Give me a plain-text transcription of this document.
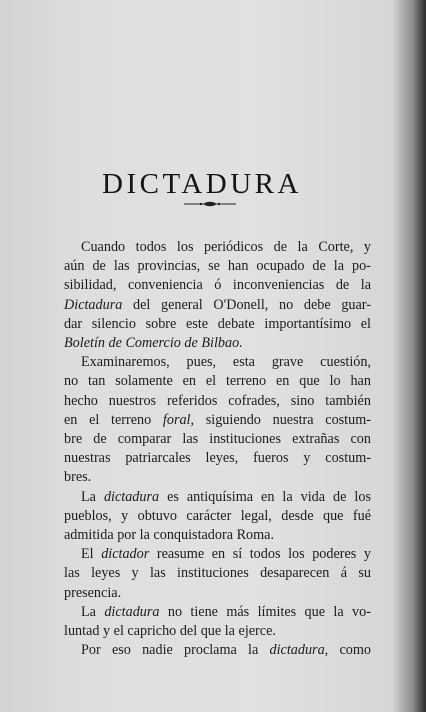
DICTADURA
Cuando todos los periódicos de la Corte, y
aún de las provincias, se han ocupado de la po-
sibilidad, conveniencia ó inconveniencias de la
Dictadura del general O'Donell, no debe guar-
dar silencio sobre este debate importantísimo el
Boletín de Comercio de Bilbao.
Examinaremos, pues, esta grave cuestión,
no tan solamente en el terreno en que lo han
hecho nuestros referidos cofrades, sino también
en el terreno foral, siguiendo nuestra costum-
bre de comparar las instituciones extrañas con
nuestras patriarcales leyes, fueros y costum-
bres.
La dictadura es antiquísima en la vida de los
pueblos, y obtuvo carácter legal, desde que fué
admitida por la conquistadora Roma.
El dictador reasume en sí todos los poderes y
las leyes y las instituciones desaparecen á su
presencia.
La dictadura no tiene más límites que la vo-
luntad y el capricho del que la ejerce.
Por eso nadie proclama la dictadura, como
